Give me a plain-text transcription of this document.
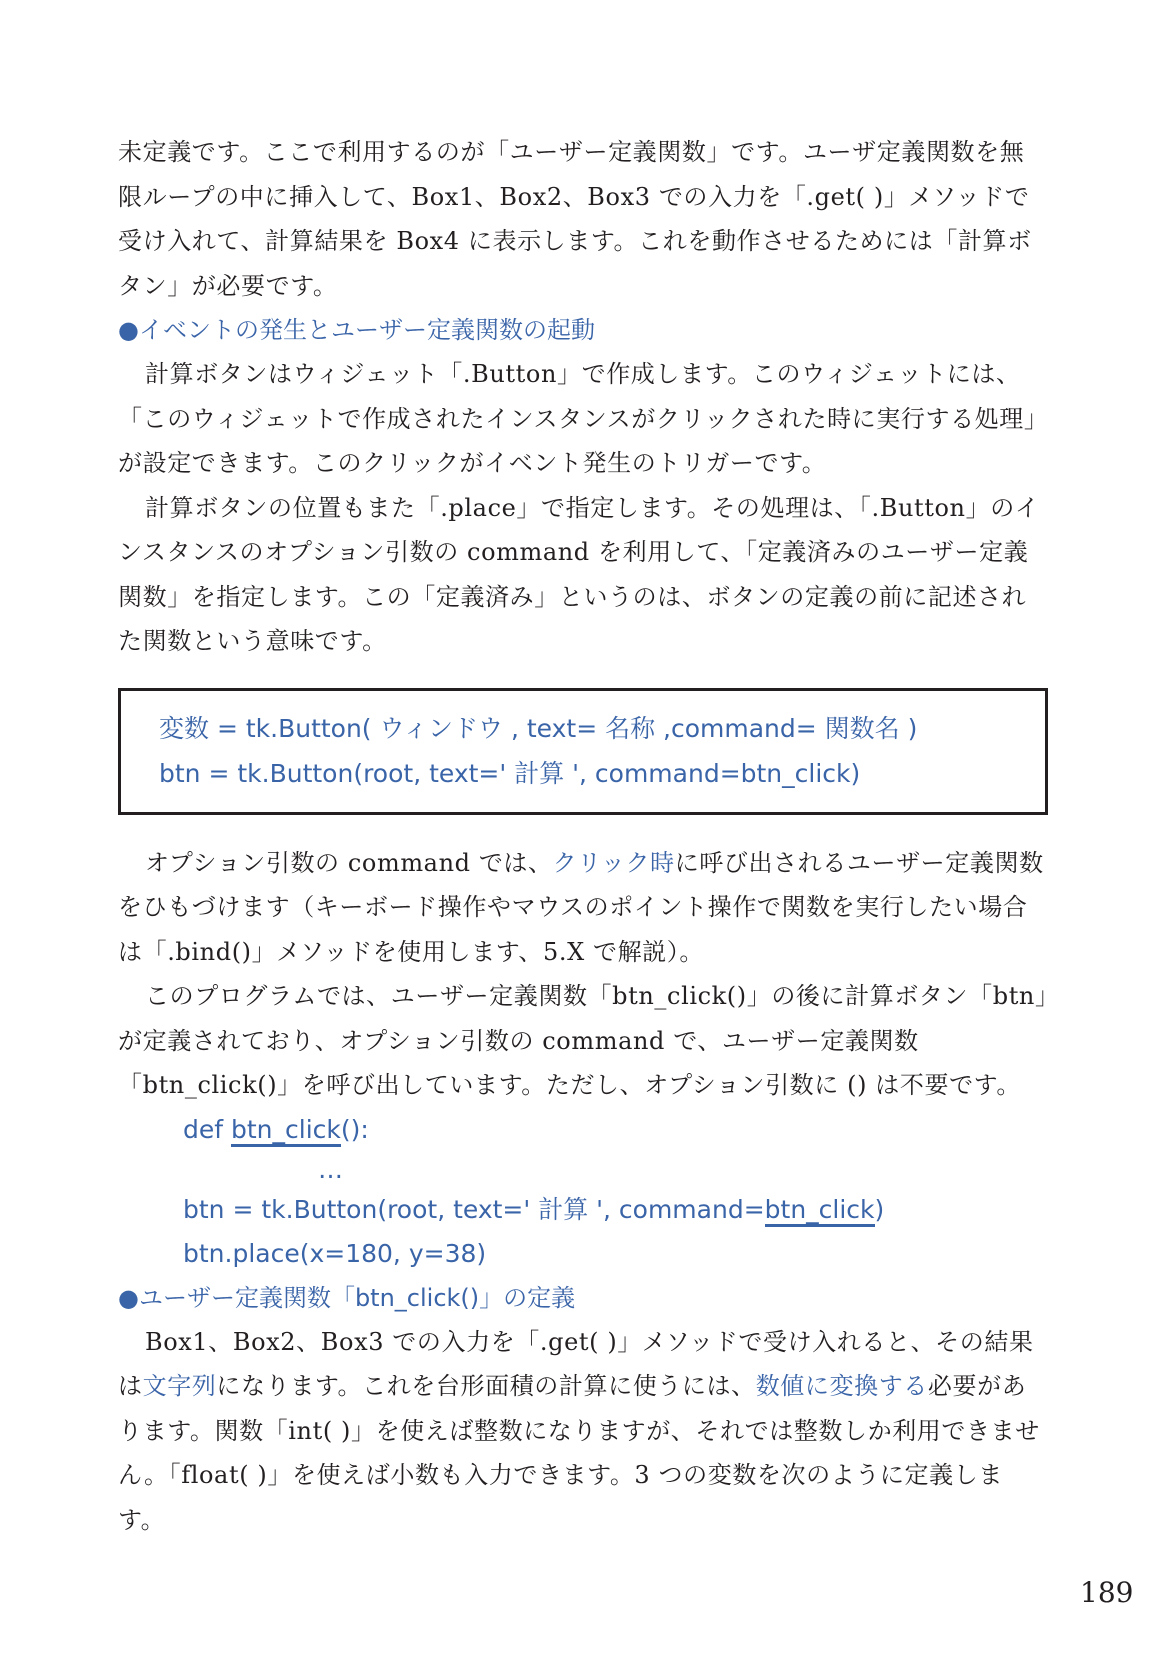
未定義です。ここで利用するのが「ユーザー定義関数」です。ユーザ定義関数を無限ループの中に挿入して、Box1、Box2、Box3 での入力を「.get( )」メソッドで受け入れて、計算結果を Box4 に表示します。これを動作させるためには「計算ボタン」が必要です。

●イベントの発生とユーザー定義関数の起動

計算ボタンはウィジェット「.Button」で作成します。このウィジェットには、「このウィジェットで作成されたインスタンスがクリックされた時に実行する処理」が設定できます。このクリックがイベント発生のトリガーです。

計算ボタンの位置もまた「.place」で指定します。その処理は、「.Button」のインスタンスのオプション引数の command を利用して、「定義済みのユーザー定義関数」を指定します。この「定義済み」というのは、ボタンの定義の前に記述された関数という意味です。

変数 = tk.Button( ウィンドウ , text= 名称 ,command= 関数名 )
btn = tk.Button(root, text=' 計算 ', command=btn_click)

オプション引数の command では、クリック時に呼び出されるユーザー定義関数をひもづけます（キーボード操作やマウスのポイント操作で関数を実行したい場合は「.bind()」メソッドを使用します、5.X で解説）。

このプログラムでは、ユーザー定義関数「btn_click()」の後に計算ボタン「btn」が定義されており、オプション引数の command で、ユーザー定義関数「btn_click()」を呼び出しています。ただし、オプション引数に () は不要です。

def btn_click():

…

btn = tk.Button(root, text=' 計算 ', command=btn_click)

btn.place(x=180, y=38)

●ユーザー定義関数「btn_click()」の定義

Box1、Box2、Box3 での入力を「.get( )」メソッドで受け入れると、その結果は文字列になります。これを台形面積の計算に使うには、数値に変換する必要があります。関数「int( )」を使えば整数になりますが、それでは整数しか利用できません。「float( )」を使えば小数も入力できます。3 つの変数を次のように定義します。

189
